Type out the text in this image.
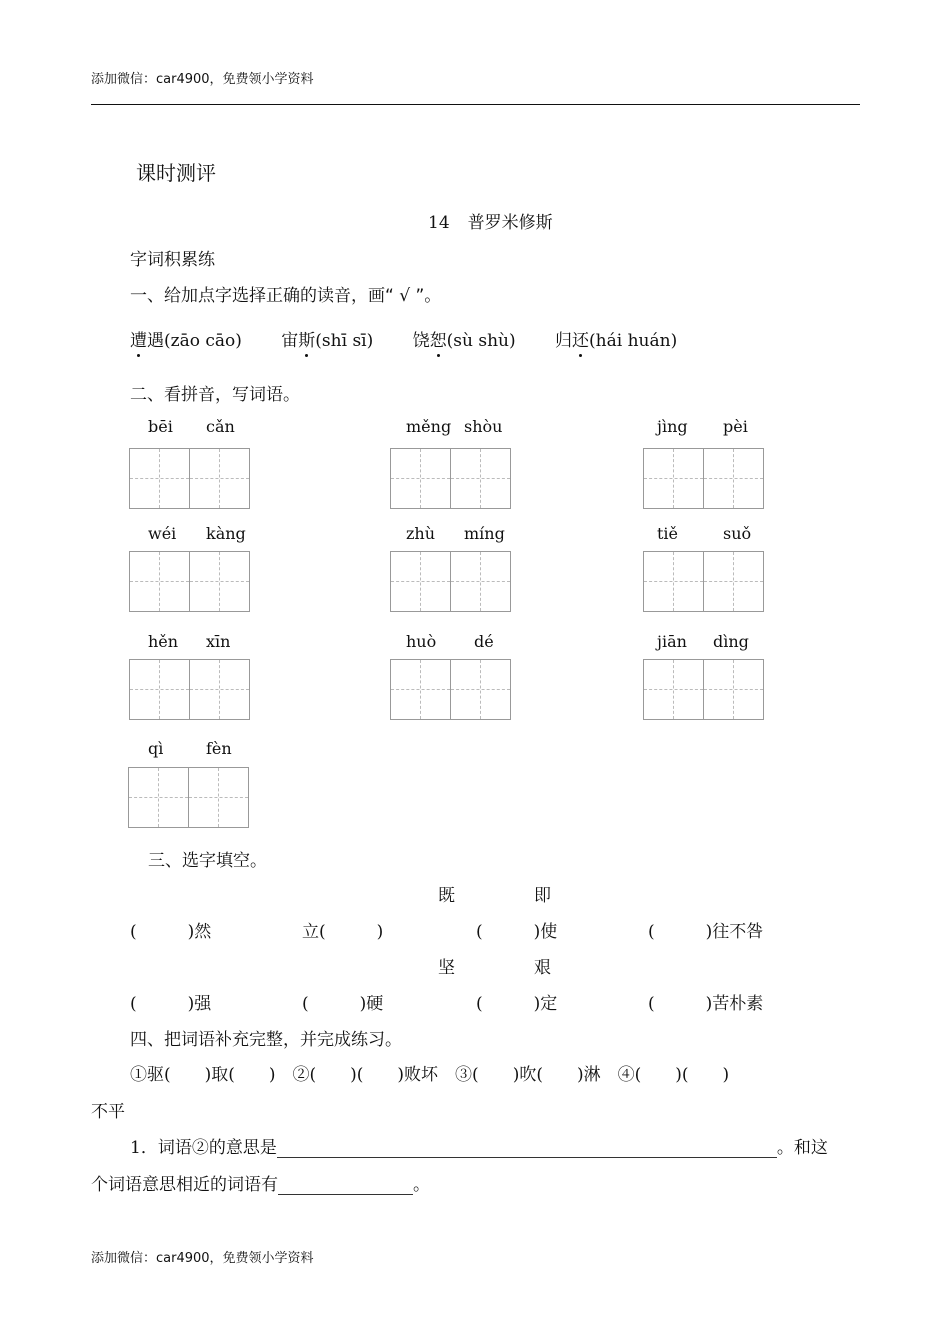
添加微信：car4900，免费领小学资料
课时测评
14 普罗米修斯
字词积累练
一、给加点字选择正确的读音，画“ √ ”。
遭遇(zāo cāo) 宙斯(shī sī) 饶恕(sù shù) 归还(hái huán)
二、看拼音，写词语。
bēi cǎn	měng shòu	jìng pèi
wéi kàng	zhù míng	tiě	suǒ
hěn xīn	huò dé	jiān dìng
qì	fèn
三、选字填空。
既	即
(　　　)然	立(　　　)	(　　　)使	(　　　)往不咎
坚	艰
(　　　)强	(　　　)硬	(　　　)定	(　　　)苦朴素
四、把词语补充完整，并完成练习。
①驱(　　)取(　　)　②(　　)(　　)败坏　③(　　)吹(　　)淋　④(　　)(　　)
不平
1．词语②的意思是	。和这
个词语意思相近的词语有	。
添加微信：car4900，免费领小学资料
